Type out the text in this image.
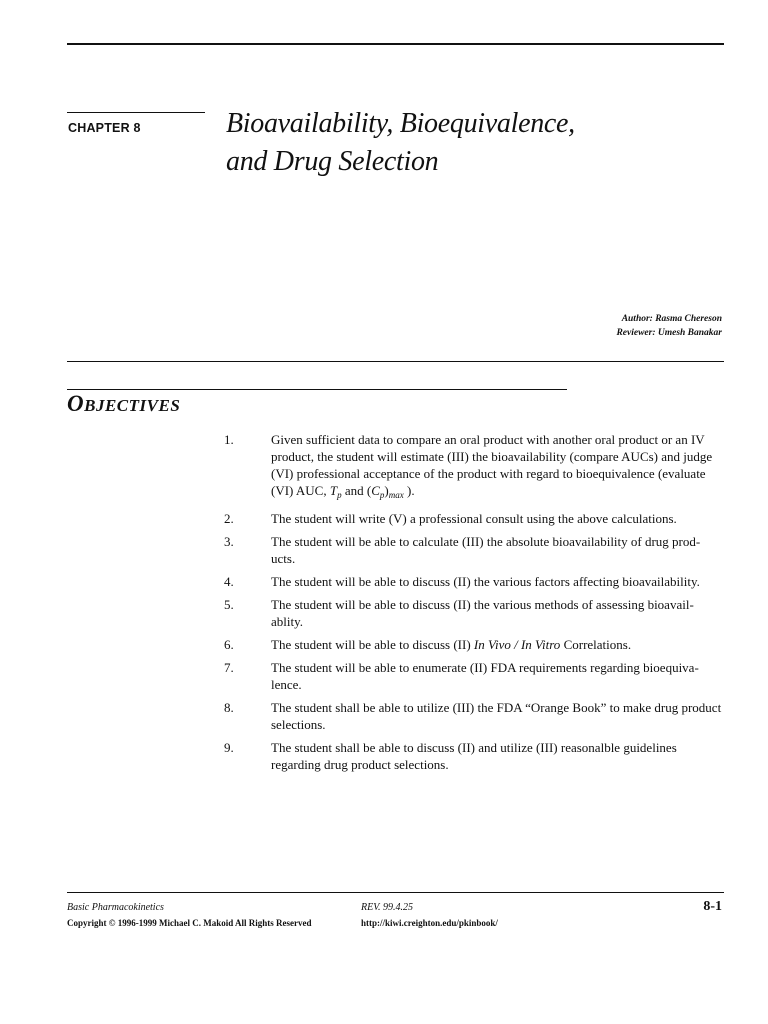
CHAPTER 8	Bioavailability, Bioequivalence,
and Drug Selection
Author: Rasma Chereson
Reviewer: Umesh Banakar
OBJECTIVES
1.	Given sufficient data to compare an oral product with another oral product or an IV product, the student will estimate (III) the bioavailability (compare AUCs) and judge (VI) professional acceptance of the product with regard to bioequivalence (evaluate (VI) AUC, $T_p$ and $(C_p)_{max}$ ).
2.	The student will write (V) a professional consult using the above calculations.
3.	The student will be able to calculate (III) the absolute bioavailability of drug prod-ucts.
4.	The student will be able to discuss (II) the various factors affecting bioavailability.
5.	The student will be able to discuss (II) the various methods of assessing bioavail-ablity.
6.	The student will be able to discuss (II) In Vivo / In Vitro Correlations.
7.	The student will be able to enumerate (II) FDA requirements regarding bioequiva-lence.
8.	The student shall be able to utilize (III) the FDA “Orange Book” to make drug product selections.
9.	The student shall be able to discuss (II) and utilize (III) reasonalble guidelines regarding drug product selections.
Basic Pharmacokinetics	REV. 99.4.25	8-1
Copyright © 1996-1999 Michael C. Makoid All Rights Reserved	http://kiwi.creighton.edu/pkinbook/
